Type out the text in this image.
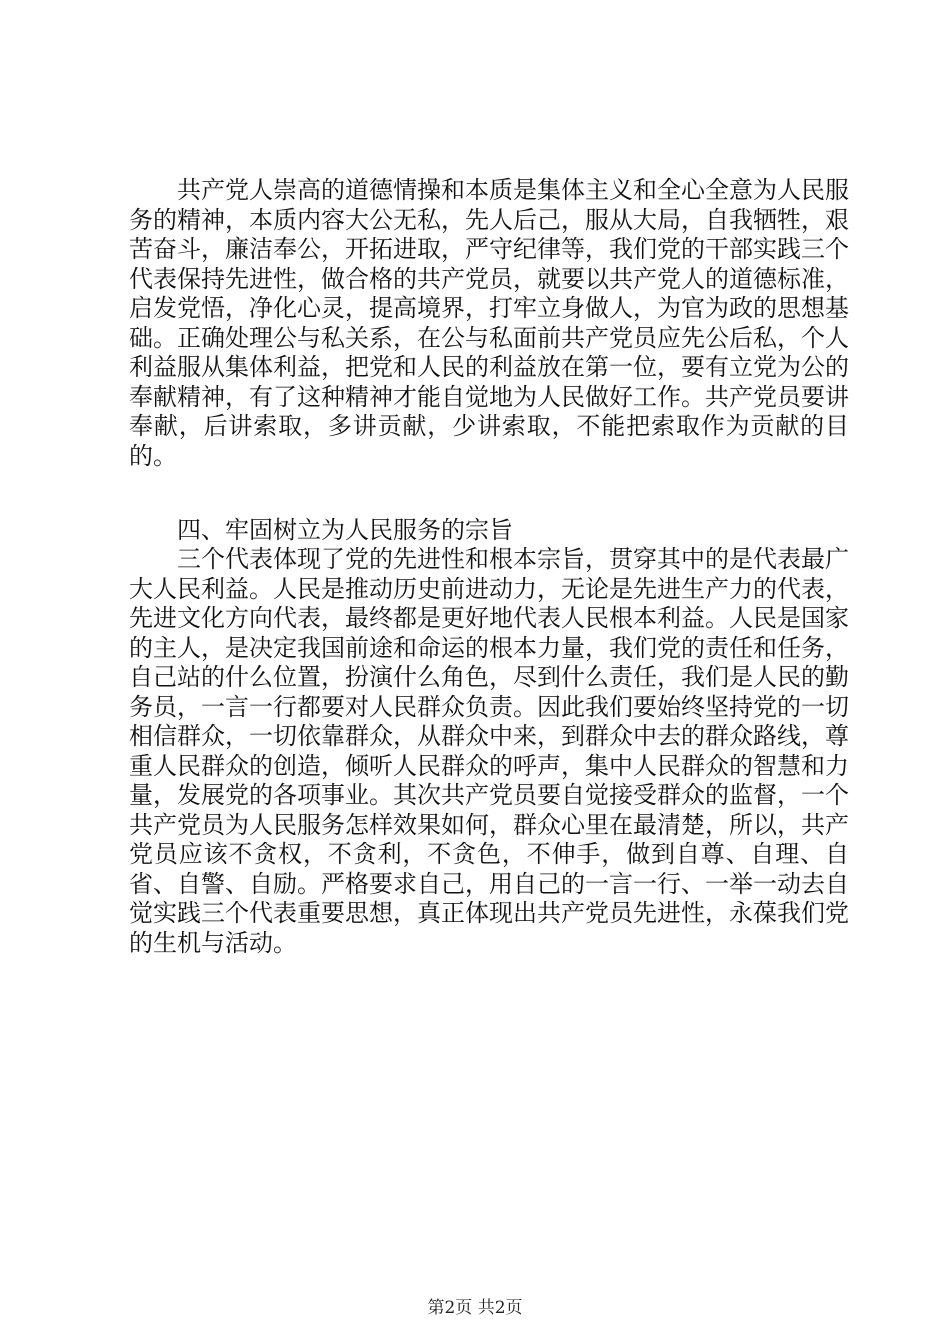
共产党人崇高的道德情操和本质是集体主义和全心全意为人民服务的精神，本质内容大公无私，先人后己，服从大局，自我牺牲，艰苦奋斗，廉洁奉公，开拓进取，严守纪律等，我们党的干部实践三个代表保持先进性，做合格的共产党员，就要以共产党人的道德标准，启发党悟，净化心灵，提高境界，打牢立身做人，为官为政的思想基础。正确处理公与私关系，在公与私面前共产党员应先公后私，个人利益服从集体利益，把党和人民的利益放在第一位，要有立党为公的奉献精神，有了这种精神才能自觉地为人民做好工作。共产党员要讲奉献，后讲索取，多讲贡献，少讲索取，不能把索取作为贡献的目的。

四、牢固树立为人民服务的宗旨

三个代表体现了党的先进性和根本宗旨，贯穿其中的是代表最广大人民利益。人民是推动历史前进动力，无论是先进生产力的代表，先进文化方向代表，最终都是更好地代表人民根本利益。人民是国家的主人，是决定我国前途和命运的根本力量，我们党的责任和任务，自己站的什么位置，扮演什么角色，尽到什么责任，我们是人民的勤务员，一言一行都要对人民群众负责。因此我们要始终坚持党的一切相信群众，一切依靠群众，从群众中来，到群众中去的群众路线，尊重人民群众的创造，倾听人民群众的呼声，集中人民群众的智慧和力量，发展党的各项事业。其次共产党员要自觉接受群众的监督，一个共产党员为人民服务怎样效果如何，群众心里在最清楚，所以，共产党员应该不贪权，不贪利，不贪色，不伸手，做到自尊、自理、自省、自警、自励。严格要求自己，用自己的一言一行、一举一动去自觉实践三个代表重要思想，真正体现出共产党员先进性，永葆我们党的生机与活动。

第2页 共2页
